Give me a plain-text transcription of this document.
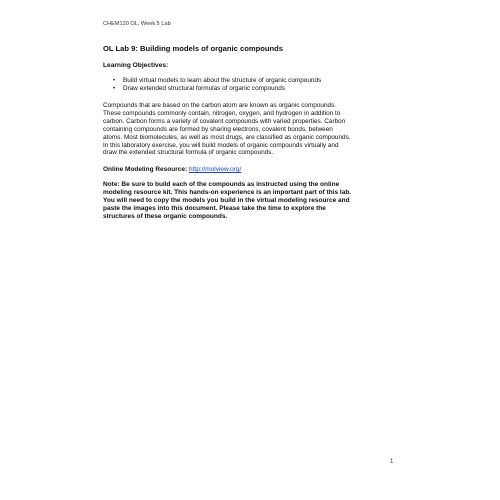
CHEM120 OL, Week 5 Lab
OL Lab 9: Building models of organic compounds
Learning Objectives:
• Build virtual models to learn about the structure of organic compounds
• Draw extended structural formulas of organic compounds
Compounds that are based on the carbon atom are known as organic compounds.
These compounds commonly contain, nitrogen, oxygen, and hydrogen in addition to
carbon. Carbon forms a variety of covalent compounds with varied properties. Carbon
containing compounds are formed by sharing electrons, covalent bonds, between
atoms. Most biomolecules, as well as most drugs, are classified as organic compounds.
In this laboratory exercise, you will build models of organic compounds virtually and
draw the extended structural formula of organic compounds.
Online Modeling Resource: http://molview.org/
Note: Be sure to build each of the compounds as instructed using the online
modeling resource kit. This hands-on experience is an important part of this lab.
You will need to copy the models you build in the virtual modeling resource and
paste the images into this document. Please take the time to explore the
structures of these organic compounds.
1
